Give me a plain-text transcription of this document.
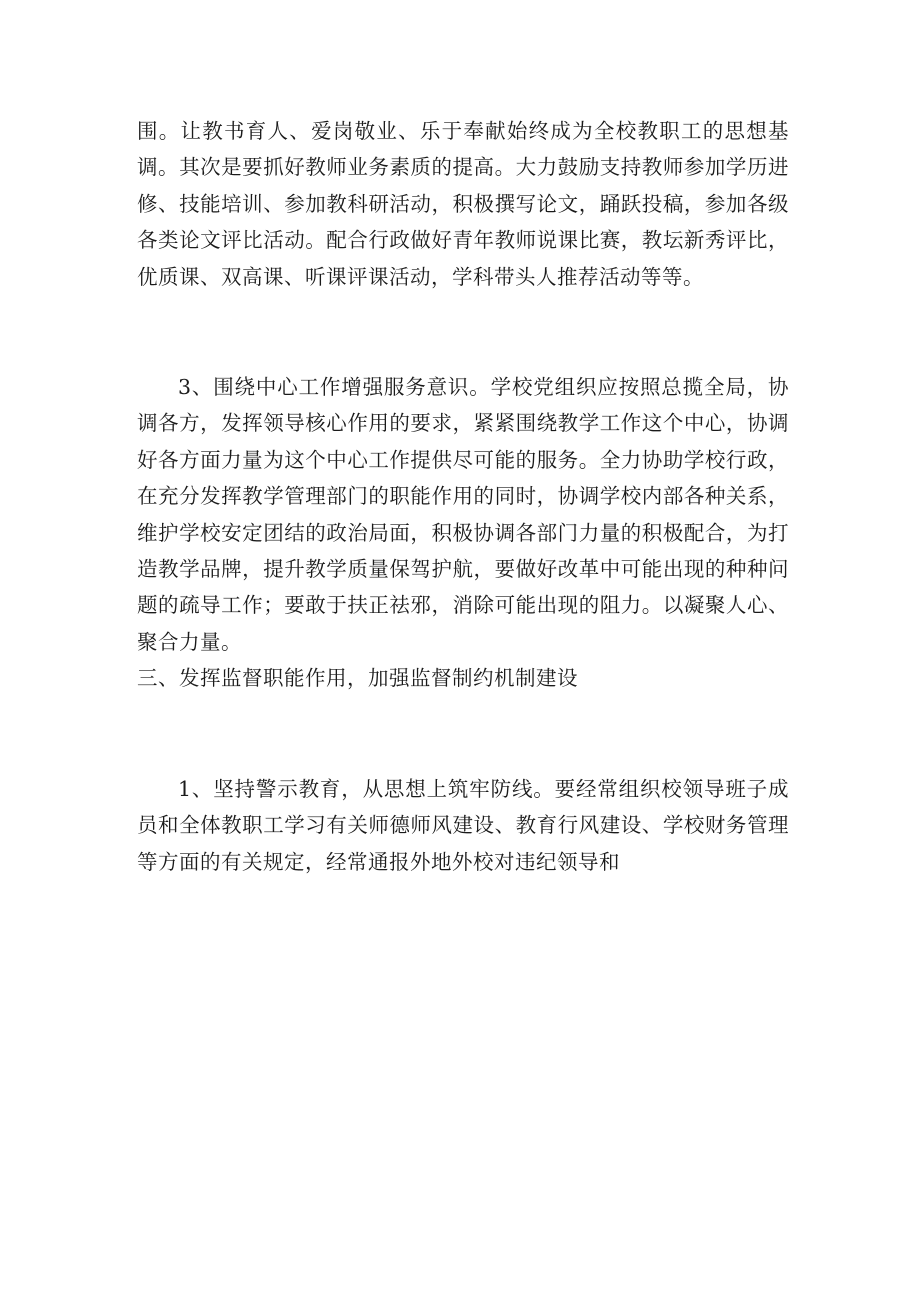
围。让教书育人、爱岗敬业、乐于奉献始终成为全校教职工的思想基调。其次是要抓好教师业务素质的提高。大力鼓励支持教师参加学历进修、技能培训、参加教科研活动，积极撰写论文，踊跃投稿，参加各级各类论文评比活动。配合行政做好青年教师说课比赛，教坛新秀评比，优质课、双高课、听课评课活动，学科带头人推荐活动等等。

3、围绕中心工作增强服务意识。学校党组织应按照总揽全局，协调各方，发挥领导核心作用的要求，紧紧围绕教学工作这个中心，协调好各方面力量为这个中心工作提供尽可能的服务。全力协助学校行政，在充分发挥教学管理部门的职能作用的同时，协调学校内部各种关系，维护学校安定团结的政治局面，积极协调各部门力量的积极配合，为打造教学品牌，提升教学质量保驾护航，要做好改革中可能出现的种种问题的疏导工作；要敢于扶正祛邪，消除可能出现的阻力。以凝聚人心、聚合力量。

三、发挥监督职能作用，加强监督制约机制建设

1、坚持警示教育，从思想上筑牢防线。要经常组织校领导班子成员和全体教职工学习有关师德师风建设、教育行风建设、学校财务管理等方面的有关规定，经常通报外地外校对违纪领导和
